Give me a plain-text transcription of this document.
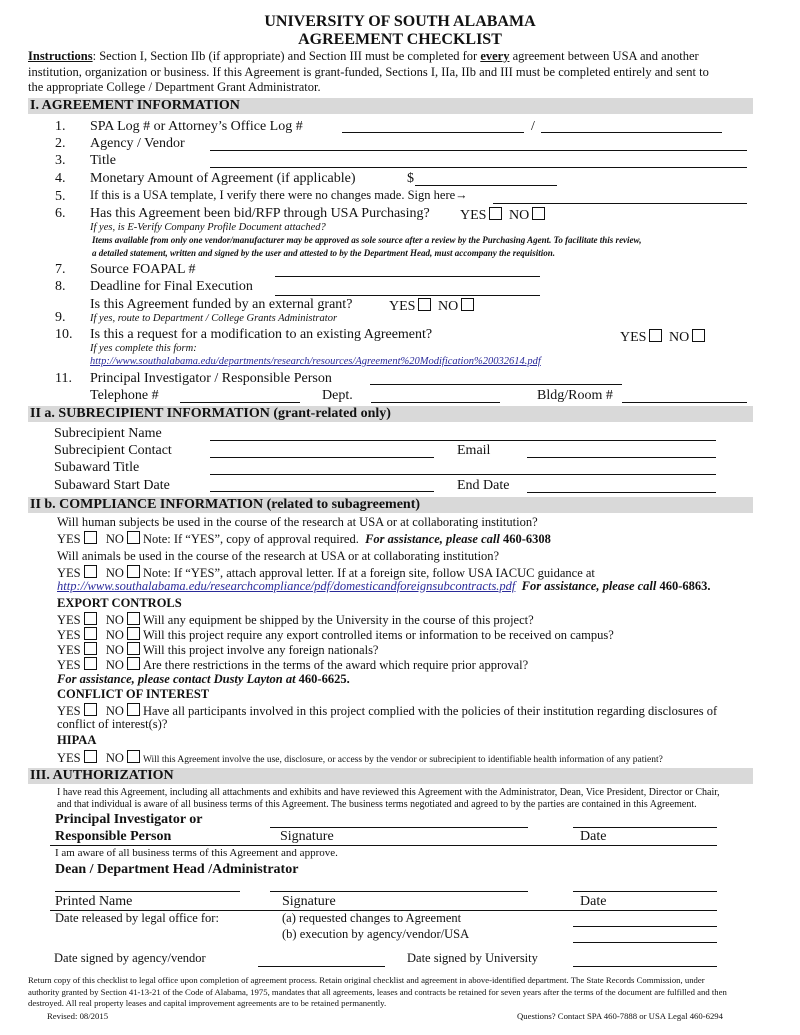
UNIVERSITY OF SOUTH ALABAMA
AGREEMENT CHECKLIST
Instructions: Section I, Section IIb (if appropriate) and Section III must be completed for every agreement between USA and another
institution, organization or business. If this Agreement is grant-funded, Sections I, IIa, IIb and III must be completed entirely and sent to
the appropriate College / Department Grant Administrator.
I. AGREEMENT INFORMATION
1. SPA Log # or Attorney’s Office Log #	/
2. Agency / Vendor
3. Title
4. Monetary Amount of Agreement (if applicable)	$
5. If this is a USA template, I verify there were no changes made. Sign here→
6. Has this Agreement been bid/RFP through USA Purchasing? YES NO
If yes, is E-Verify Company Profile Document attached?
Items available from only one vendor/manufacturer may be approved as sole source after a review by the Purchasing Agent. To facilitate this review,
a detailed statement, written and signed by the user and attested to by the Department Head, must accompany the requisition.
7. Source FOAPAL #
8. Deadline for Final Execution
Is this Agreement funded by an external grant?	YES NO
9. If yes, route to Department / College Grants Administrator
10. Is this a request for a modification to an existing Agreement?	YES NO
If yes complete this form:
http://www.southalabama.edu/departments/research/resources/Agreement%20Modification%20032614.pdf
11. Principal Investigator / Responsible Person
Telephone #	Dept.	Bldg/Room #
II a. SUBRECIPIENT INFORMATION (grant-related only)
Subrecipient Name
Subrecipient Contact	Email
Subaward Title
Subaward Start Date	End Date
II b. COMPLIANCE INFORMATION (related to subagreement)
Will human subjects be used in the course of the research at USA or at collaborating institution?
YES NO Note: If “YES”, copy of approval required. For assistance, please call 460-6308
Will animals be used in the course of the research at USA or at collaborating institution?
YES NO Note: If “YES”, attach approval letter. If at a foreign site, follow USA IACUC guidance at
http://www.southalabama.edu/researchcompliance/pdf/domesticandforeignsubcontracts.pdf For assistance, please call 460-6863.
EXPORT CONTROLS
YES NO Will any equipment be shipped by the University in the course of this project?
YES NO Will this project require any export controlled items or information to be received on campus?
YES NO Will this project involve any foreign nationals?
YES NO Are there restrictions in the terms of the award which require prior approval?
For assistance, please contact Dusty Layton at 460-6625.
CONFLICT OF INTEREST
YES NO Have all participants involved in this project complied with the policies of their institution regarding disclosures of
conflict of interest(s)?
HIPAA
YES NO Will this Agreement involve the use, disclosure, or access by the vendor or subrecipient to identifiable health information of any patient?
III. AUTHORIZATION
I have read this Agreement, including all attachments and exhibits and have reviewed this Agreement with the Administrator, Dean, Vice President, Director or Chair,
and that individual is aware of all business terms of this Agreement. The business terms negotiated and agreed to by the parties are contained in this Agreement.
Principal Investigator or
Responsible Person	Signature	Date
I am aware of all business terms of this Agreement and approve.
Dean / Department Head /Administrator
Printed Name	Signature	Date
Date released by legal office for:	(a) requested changes to Agreement
(b) execution by agency/vendor/USA
Date signed by agency/vendor	Date signed by University
Return copy of this checklist to legal office upon completion of agreement process. Retain original checklist and agreement in above-identified department. The State Records Commission, under
authority granted by Section 41-13-21 of the Code of Alabama, 1975, mandates that all agreements, leases and contracts be retained for seven years after the terms of the document are fulfilled and then
destroyed. All real property leases and capital improvement agreements are to be retained permanently.
Revised: 08/2015	Questions? Contact SPA 460-7888 or USA Legal 460-6294
